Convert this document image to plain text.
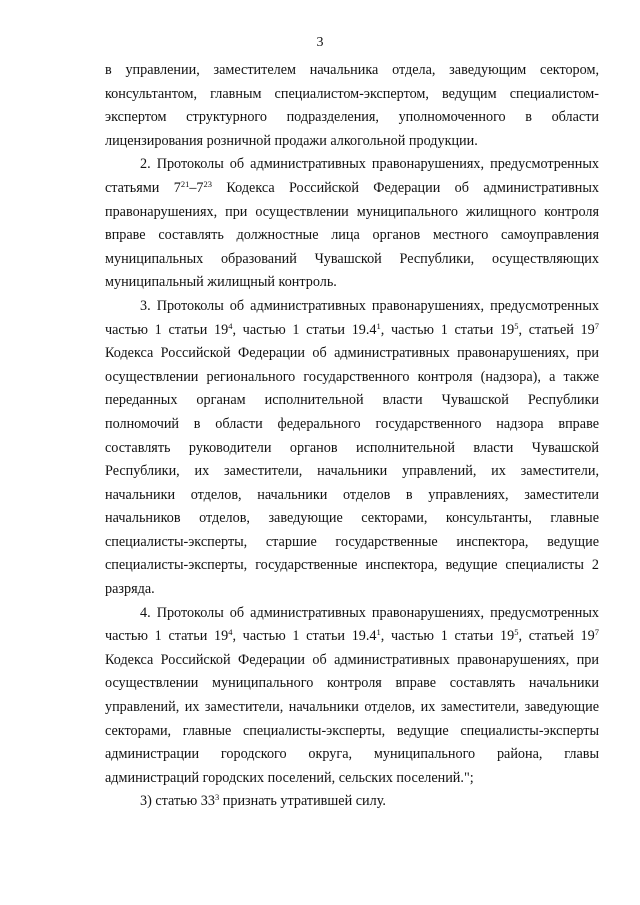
3

в управлении, заместителем начальника отдела, заведующим сектором, консультантом, главным специалистом-экспертом, ведущим специалистом-экспертом структурного подразделения, уполномоченного в области лицензирования розничной продажи алкогольной продукции.

2. Протоколы об административных правонарушениях, предусмотренных статьями $7^{21}-7^{23}$ Кодекса Российской Федерации об административных правонарушениях, при осуществлении муниципального жилищного контроля вправе составлять должностные лица органов местного самоуправления муниципальных образований Чувашской Республики, осуществляющих муниципальный жилищный контроль.

3. Протоколы об административных правонарушениях, предусмотренных частью 1 статьи $19^4$, частью 1 статьи 19.4$^1$, частью 1 статьи $19^5$, статьей $19^7$ Кодекса Российской Федерации об административных правонарушениях, при осуществлении регионального государственного контроля (надзора), а также переданных органам исполнительной власти Чувашской Республики полномочий в области федерального государственного надзора вправе составлять руководители органов исполнительной власти Чувашской Республики, их заместители, начальники управлений, их заместители, начальники отделов, начальники отделов в управлениях, заместители начальников отделов, заведующие секторами, консультанты, главные специалисты-эксперты, старшие государственные инспектора, ведущие специалисты-эксперты, государственные инспектора, ведущие специалисты 2 разряда.

4. Протоколы об административных правонарушениях, предусмотренных частью 1 статьи $19^4$, частью 1 статьи 19.4$^1$, частью 1 статьи $19^5$, статьей $19^7$ Кодекса Российской Федерации об административных правонарушениях, при осуществлении муниципального контроля вправе составлять начальники управлений, их заместители, начальники отделов, их заместители, заведующие секторами, главные специалисты-эксперты, ведущие специалисты-эксперты администрации городского округа, муниципального района, главы администраций городских поселений, сельских поселений.";

3) статью $33^3$ признать утратившей силу.
